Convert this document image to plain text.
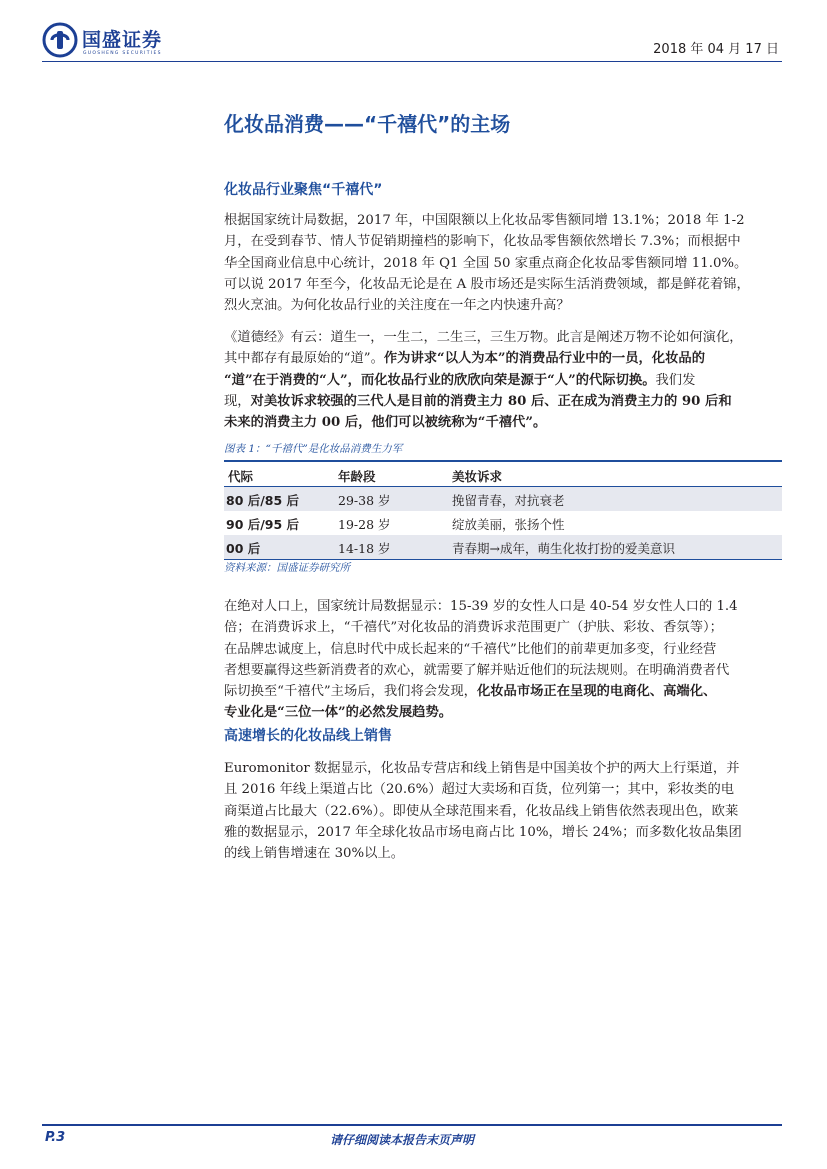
国盛证券
GUOSHENG SECURITIES	2018 年 04 月 17 日
化妆品消费——“千禧代”的主场
化妆品行业聚焦“千禧代”
根据国家统计局数据，2017 年，中国限额以上化妆品零售额同增 13.1%；2018 年 1-2
月，在受到春节、情人节促销期撞档的影响下，化妆品零售额依然增长 7.3%；而根据中
华全国商业信息中心统计，2018 年 Q1 全国 50 家重点商企化妆品零售额同增 11.0%。
可以说 2017 年至今，化妆品无论是在 A 股市场还是实际生活消费领域，都是鲜花着锦，
烈火烹油。为何化妆品行业的关注度在一年之内快速升高？
《道德经》有云：道生一，一生二，二生三，三生万物。此言是阐述万物不论如何演化，
其中都存有最原始的“道”。作为讲求“以人为本”的消费品行业中的一员，化妆品的
“道”在于消费的“人”，而化妆品行业的欣欣向荣是源于“人”的代际切换。我们发
现，对美妆诉求较强的三代人是目前的消费主力 80 后、正在成为消费主力的 90 后和
未来的消费主力 00 后，他们可以被统称为“千禧代”。
图表 1：“千禧代”是化妆品消费生力军
代际	年龄段	美妆诉求
80 后/85 后	29-38 岁	挽留青春，对抗衰老
90 后/95 后	19-28 岁	绽放美丽，张扬个性
00 后	14-18 岁	青春期→成年，萌生化妆打扮的爱美意识
资料来源：国盛证券研究所
在绝对人口上，国家统计局数据显示：15-39 岁的女性人口是 40-54 岁女性人口的 1.4
倍；在消费诉求上，“千禧代”对化妆品的消费诉求范围更广（护肤、彩妆、香氛等）；
在品牌忠诚度上，信息时代中成长起来的“千禧代”比他们的前辈更加多变，行业经营
者想要赢得这些新消费者的欢心，就需要了解并贴近他们的玩法规则。在明确消费者代
际切换至“千禧代”主场后，我们将会发现，化妆品市场正在呈现的电商化、高端化、
专业化是“三位一体”的必然发展趋势。
高速增长的化妆品线上销售
Euromonitor 数据显示，化妆品专营店和线上销售是中国美妆个护的两大上行渠道，并
且 2016 年线上渠道占比（20.6%）超过大卖场和百货，位列第一；其中，彩妆类的电
商渠道占比最大（22.6%）。即使从全球范围来看，化妆品线上销售依然表现出色，欧莱
雅的数据显示，2017 年全球化妆品市场电商占比 10%，增长 24%；而多数化妆品集团
的线上销售增速在 30%以上。
P.3	请仔细阅读本报告末页声明
